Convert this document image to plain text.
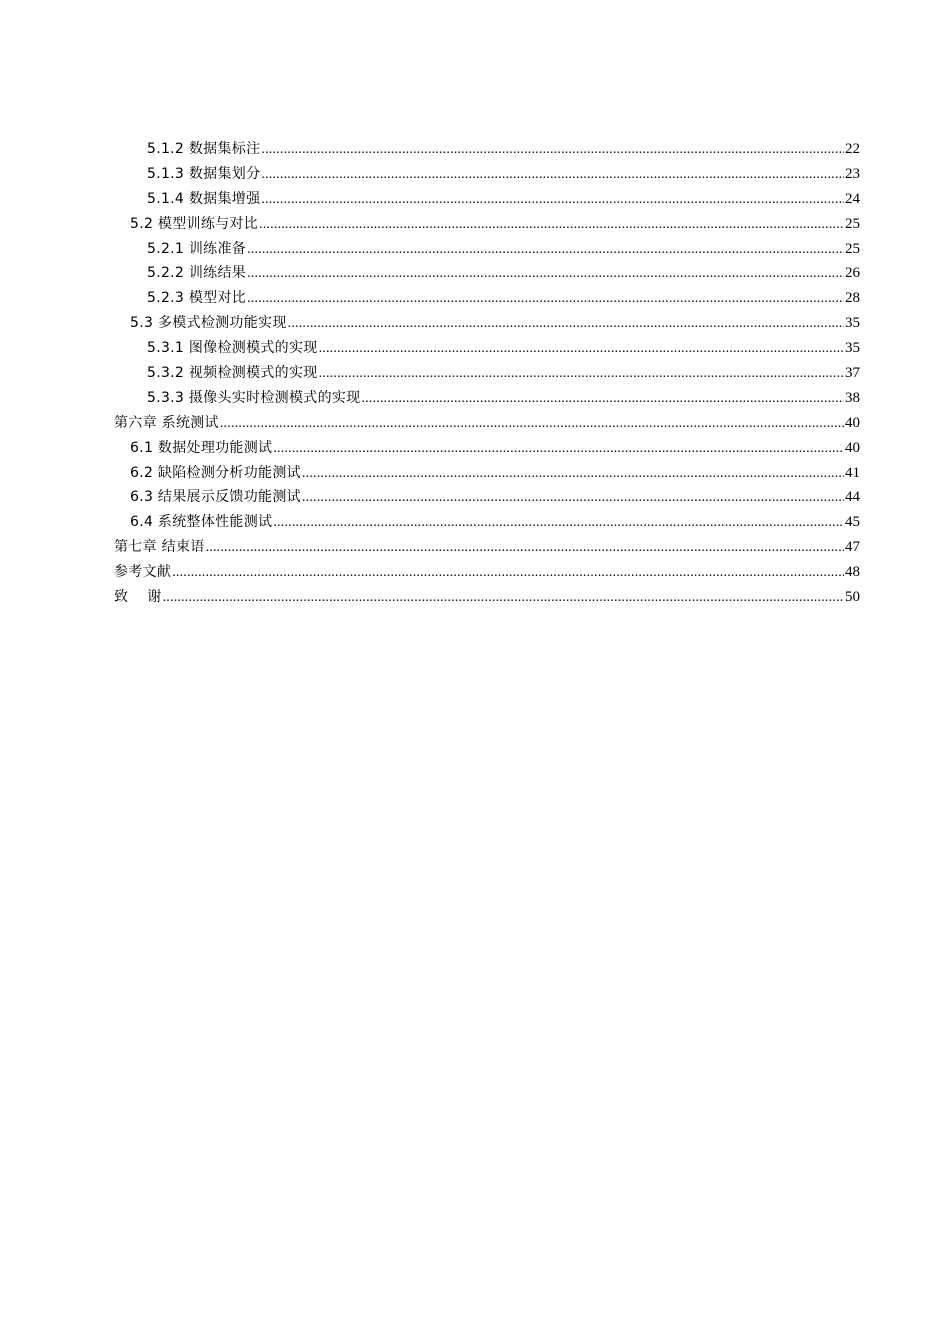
5.1.2 数据集标注 .....	22
5.1.3 数据集划分 .....	23
5.1.4 数据集增强 .....	24
5.2 模型训练与对比 .....	25
5.2.1 训练准备 .....	25
5.2.2 训练结果 .....	26
5.2.3 模型对比 .....	28
5.3 多模式检测功能实现 .....	35
5.3.1 图像检测模式的实现 .....	35
5.3.2 视频检测模式的实现 .....	37
5.3.3 摄像头实时检测模式的实现 .....	38
第六章 系统测试 .....	40
6.1 数据处理功能测试 .....	40
6.2 缺陷检测分析功能测试 .....	41
6.3 结果展示反馈功能测试 .....	44
6.4 系统整体性能测试 .....	45
第七章 结束语 .....	47
参考文献 .....	48
致    谢 .....	50
